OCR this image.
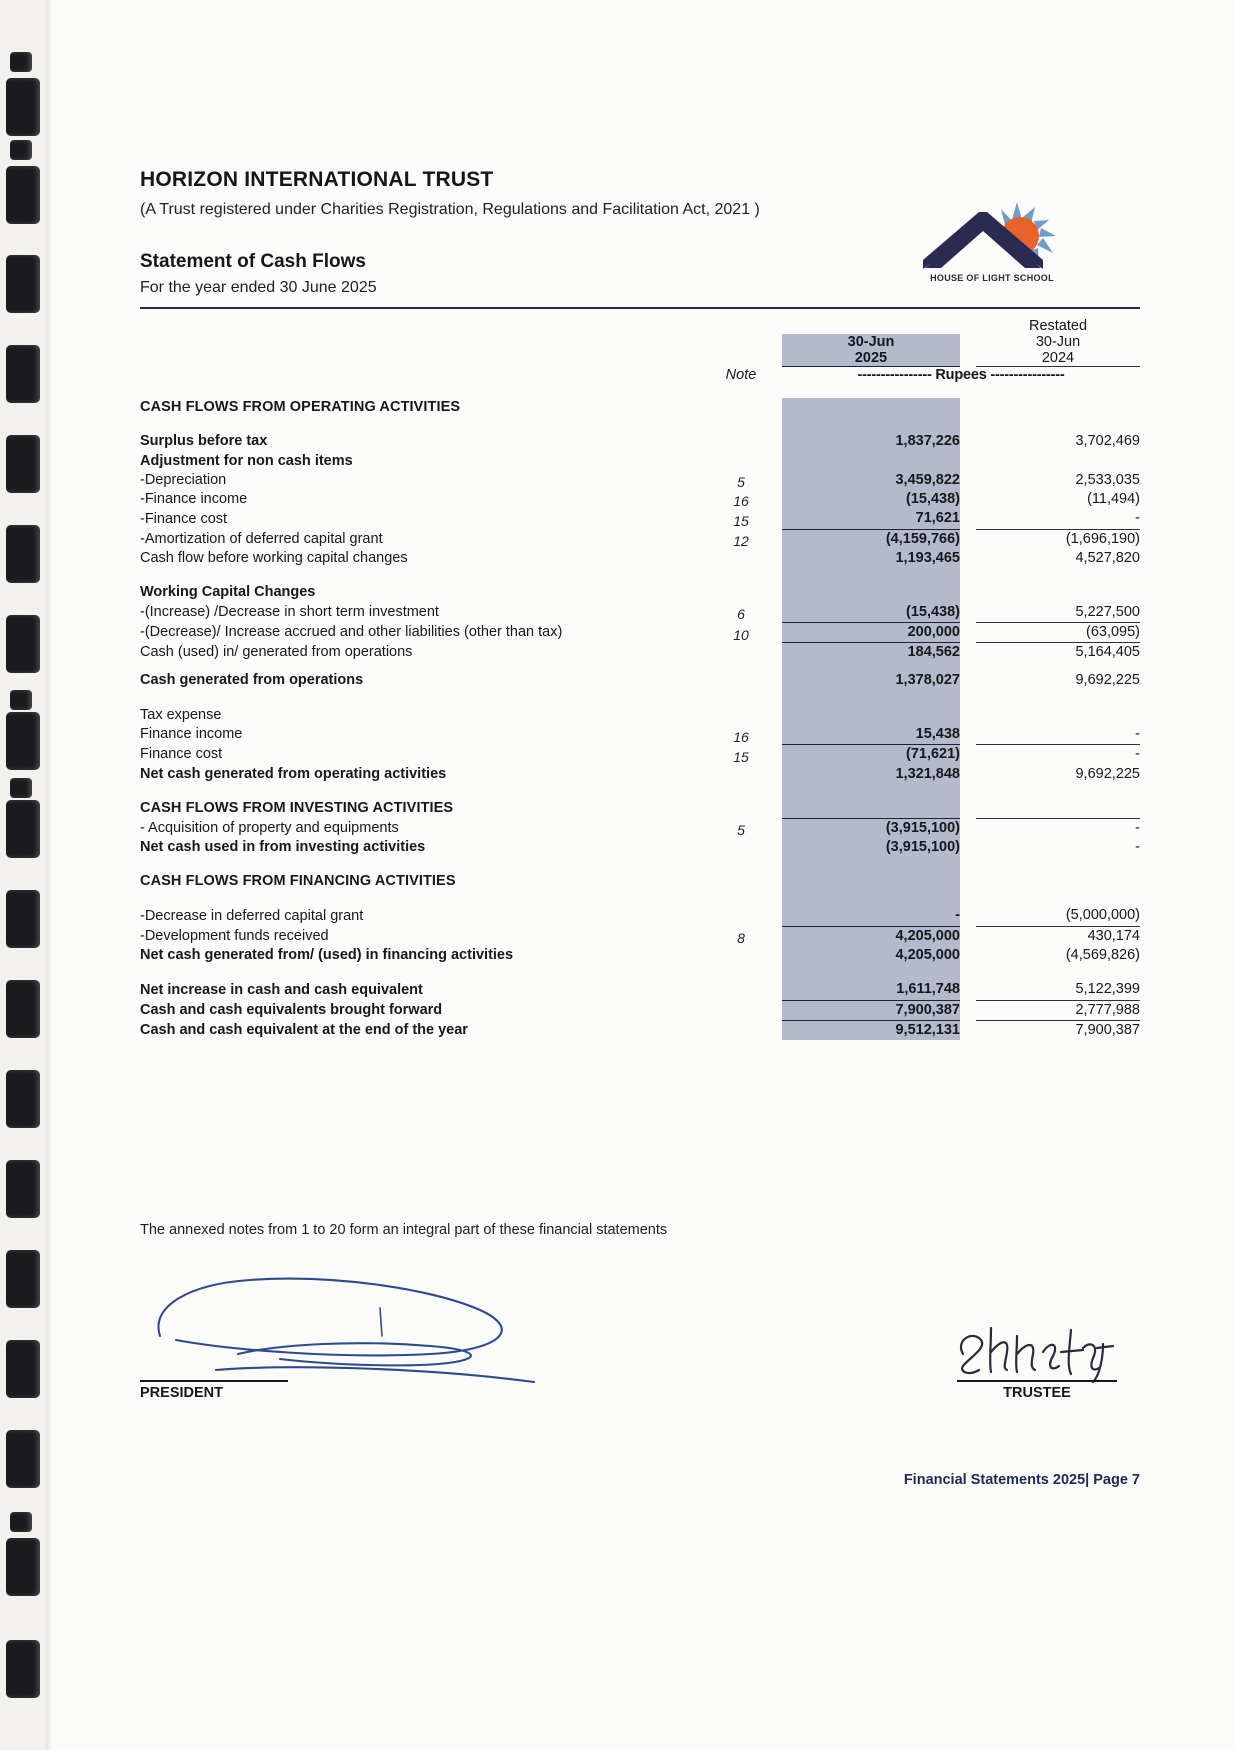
HORIZON INTERNATIONAL TRUST
(A Trust registered under Charities Registration, Regulations and Facilitation Act, 2021 )
Statement of Cash Flows
For the year ended 30 June 2025
HOUSE OF LIGHT SCHOOL
				Restated
		30-Jun		30-Jun
		2025		2024
	Note	---------------- Rupees ----------------		

CASH FLOWS FROM OPERATING ACTIVITIES				

Surplus before tax		1,837,226		3,702,469
Adjustment for non cash items				
-Depreciation	5	3,459,822		2,533,035
-Finance income	16	(15,438)		(11,494)
-Finance cost	15	71,621		-
-Amortization of deferred capital grant	12	(4,159,766)		(1,696,190)
Cash flow before working capital changes		1,193,465		4,527,820

Working Capital Changes				
-(Increase) /Decrease in short term investment	6	(15,438)		5,227,500
-(Decrease)/ Increase accrued and other liabilities (other than tax)	10	200,000		(63,095)
Cash (used) in/ generated from operations		184,562		5,164,405

Cash generated from operations		1,378,027		9,692,225

Tax expense				
Finance income	16	15,438		-
Finance cost	15	(71,621)		-
Net cash generated from operating activities		1,321,848		9,692,225

CASH FLOWS FROM INVESTING ACTIVITIES				
- Acquisition of property and equipments	5	(3,915,100)		-
Net cash used in from investing activities		(3,915,100)		-

CASH FLOWS FROM FINANCING ACTIVITIES				

-Decrease in deferred capital grant		-		(5,000,000)
-Development funds received	8	4,205,000		430,174
Net cash generated from/ (used) in financing activities		4,205,000		(4,569,826)

Net increase in cash and cash equivalent		1,611,748		5,122,399
Cash and cash equivalents brought forward		7,900,387		2,777,988
Cash and cash equivalent at the end of the year		9,512,131		7,900,387
The annexed notes from 1 to 20 form an integral part of these financial statements
PRESIDENT	TRUSTEE
Financial Statements 2025| Page 7
